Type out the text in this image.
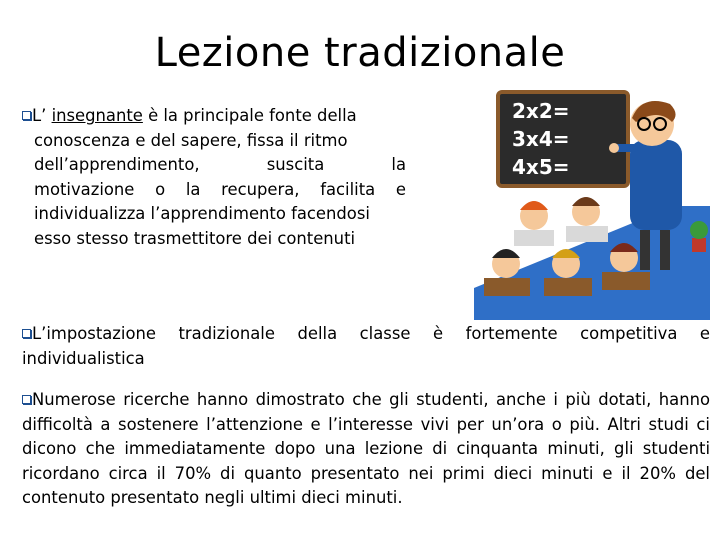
Lezione tradizionale
L’ insegnante è la principale fonte della
conoscenza e del sapere, fissa il ritmo
dell’apprendimento, suscita la
motivazione o la recupera, facilita e
individualizza l’apprendimento facendosi
esso stesso trasmettitore dei contenuti
2x2=
3x4=
4x5=
L’impostazione tradizionale della classe è fortemente competitiva e individualistica
Numerose ricerche hanno dimostrato che gli studenti, anche i più dotati, hanno difficoltà a sostenere l’attenzione e l’interesse vivi per un’ora o più. Altri studi ci dicono che immediatamente dopo una lezione di cinquanta minuti, gli studenti ricordano circa il 70% di quanto presentato nei primi dieci minuti e il 20% del contenuto presentato negli ultimi dieci minuti.
